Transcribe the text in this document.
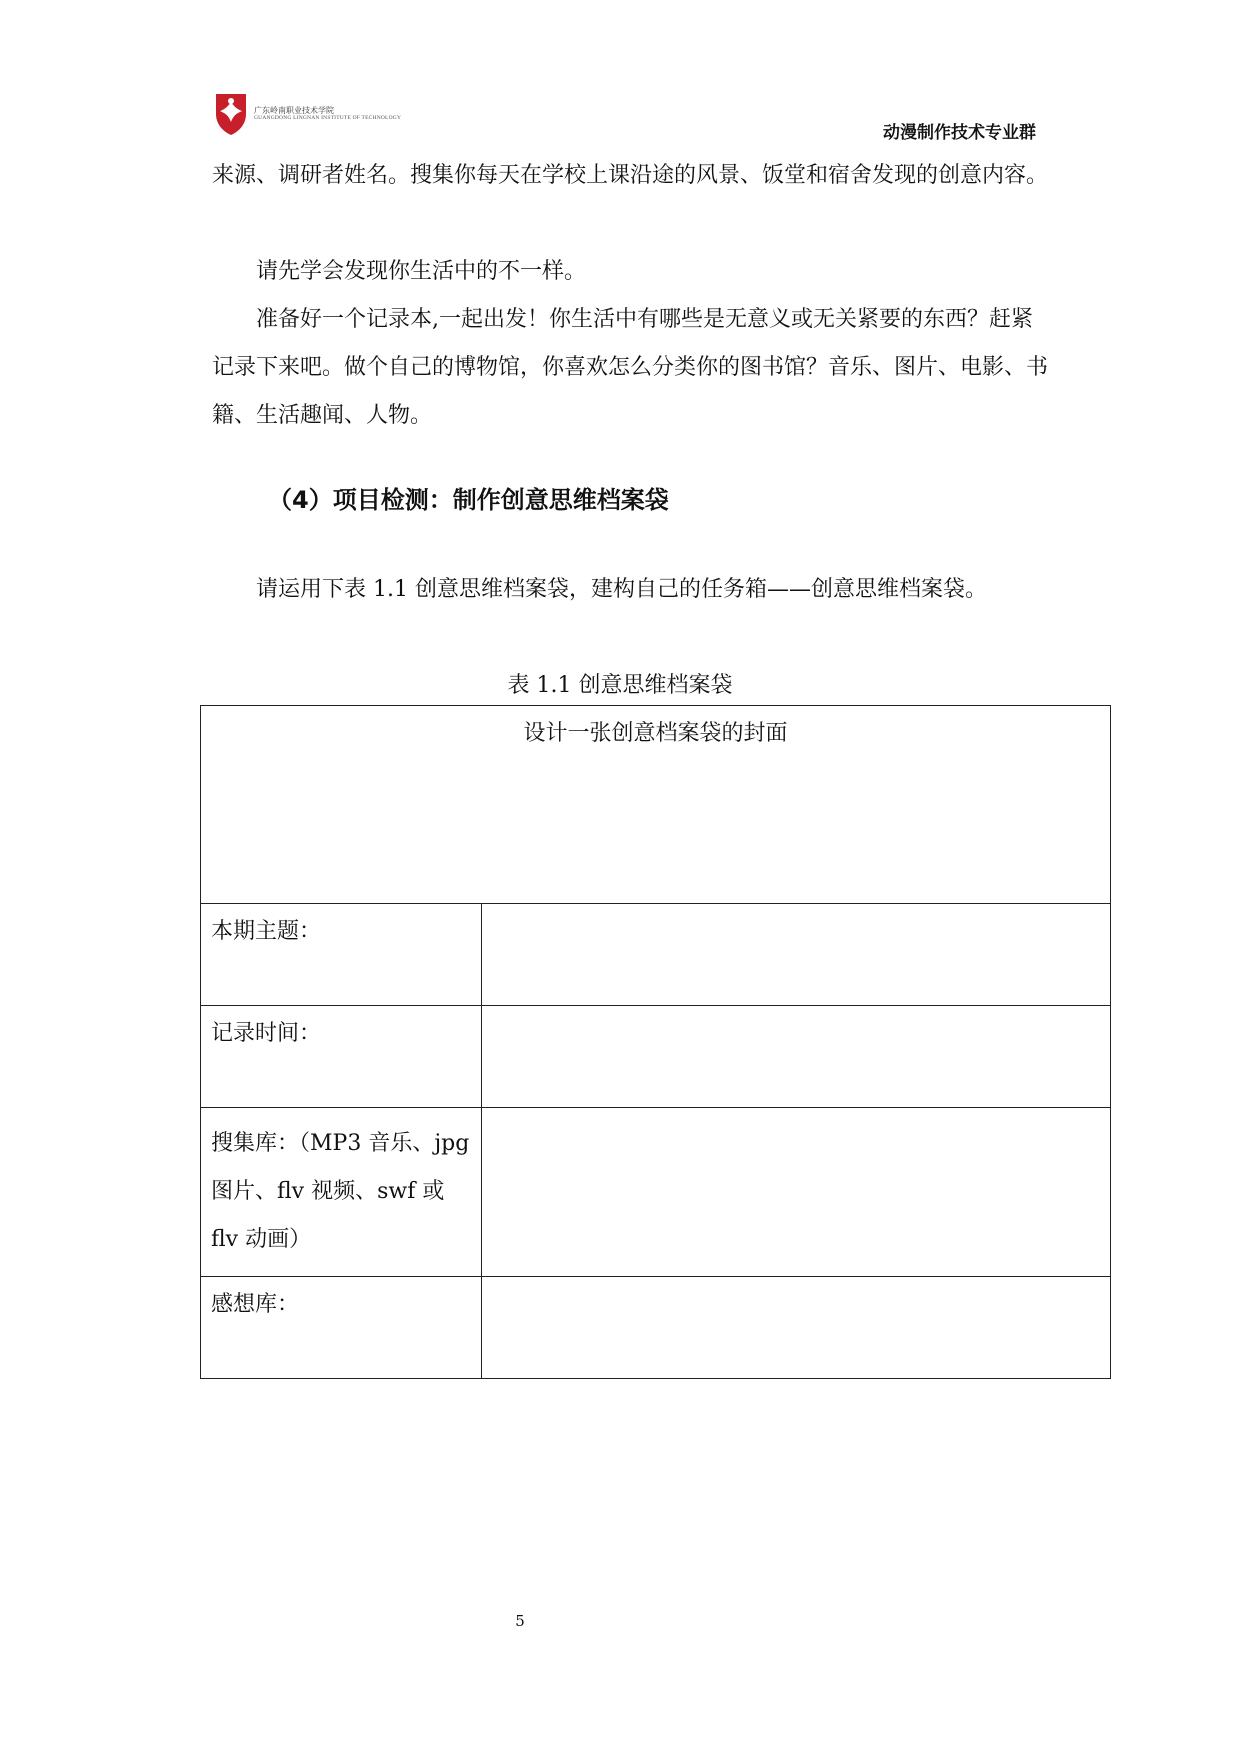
广东岭南职业技术学院
GUANGDONG LINGNAN INSTITUTE OF TECHNOLOGY
动漫制作技术专业群

来源、调研者姓名。搜集你每天在学校上课沿途的风景、饭堂和宿舍发现的创意内容。

请先学会发现你生活中的不一样。

准备好一个记录本,一起出发！你生活中有哪些是无意义或无关紧要的东西？赶紧记录下来吧。做个自己的博物馆，你喜欢怎么分类你的图书馆？音乐、图片、电影、书籍、生活趣闻、人物。

（4）项目检测：制作创意思维档案袋

请运用下表 1.1 创意思维档案袋，建构自己的任务箱——创意思维档案袋。

表 1.1 创意思维档案袋
设计一张创意档案袋的封面	
本期主题：	
记录时间：	
搜集库：（MP3 音乐、jpg 图片、flv 视频、swf 或 flv 动画）	
感想库：	
5
